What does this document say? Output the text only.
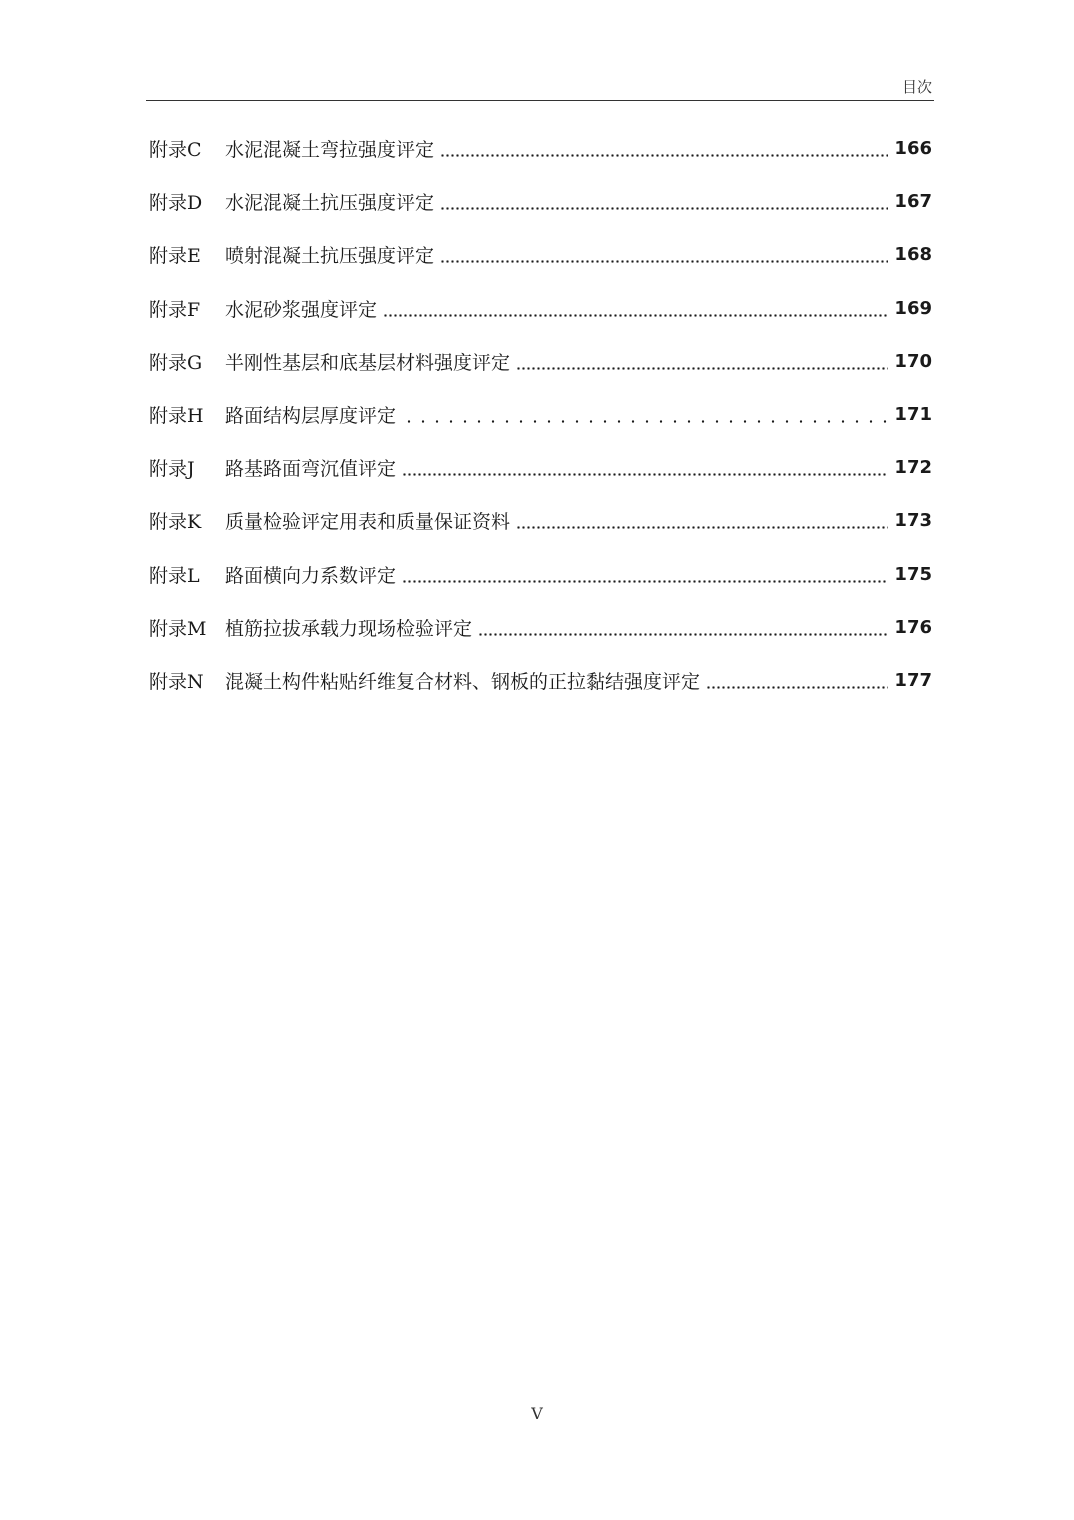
目次
附录C	水泥混凝土弯拉强度评定	166
附录D	水泥混凝土抗压强度评定	167
附录E	喷射混凝土抗压强度评定	168
附录F	水泥砂浆强度评定	169
附录G	半刚性基层和底基层材料强度评定	170
附录H	路面结构层厚度评定	171
附录J	路基路面弯沉值评定	172
附录K	质量检验评定用表和质量保证资料	173
附录L	路面横向力系数评定	175
附录M 植筋拉拔承载力现场检验评定	176
附录N	混凝土构件粘贴纤维复合材料、钢板的正拉黏结强度评定	177
V
